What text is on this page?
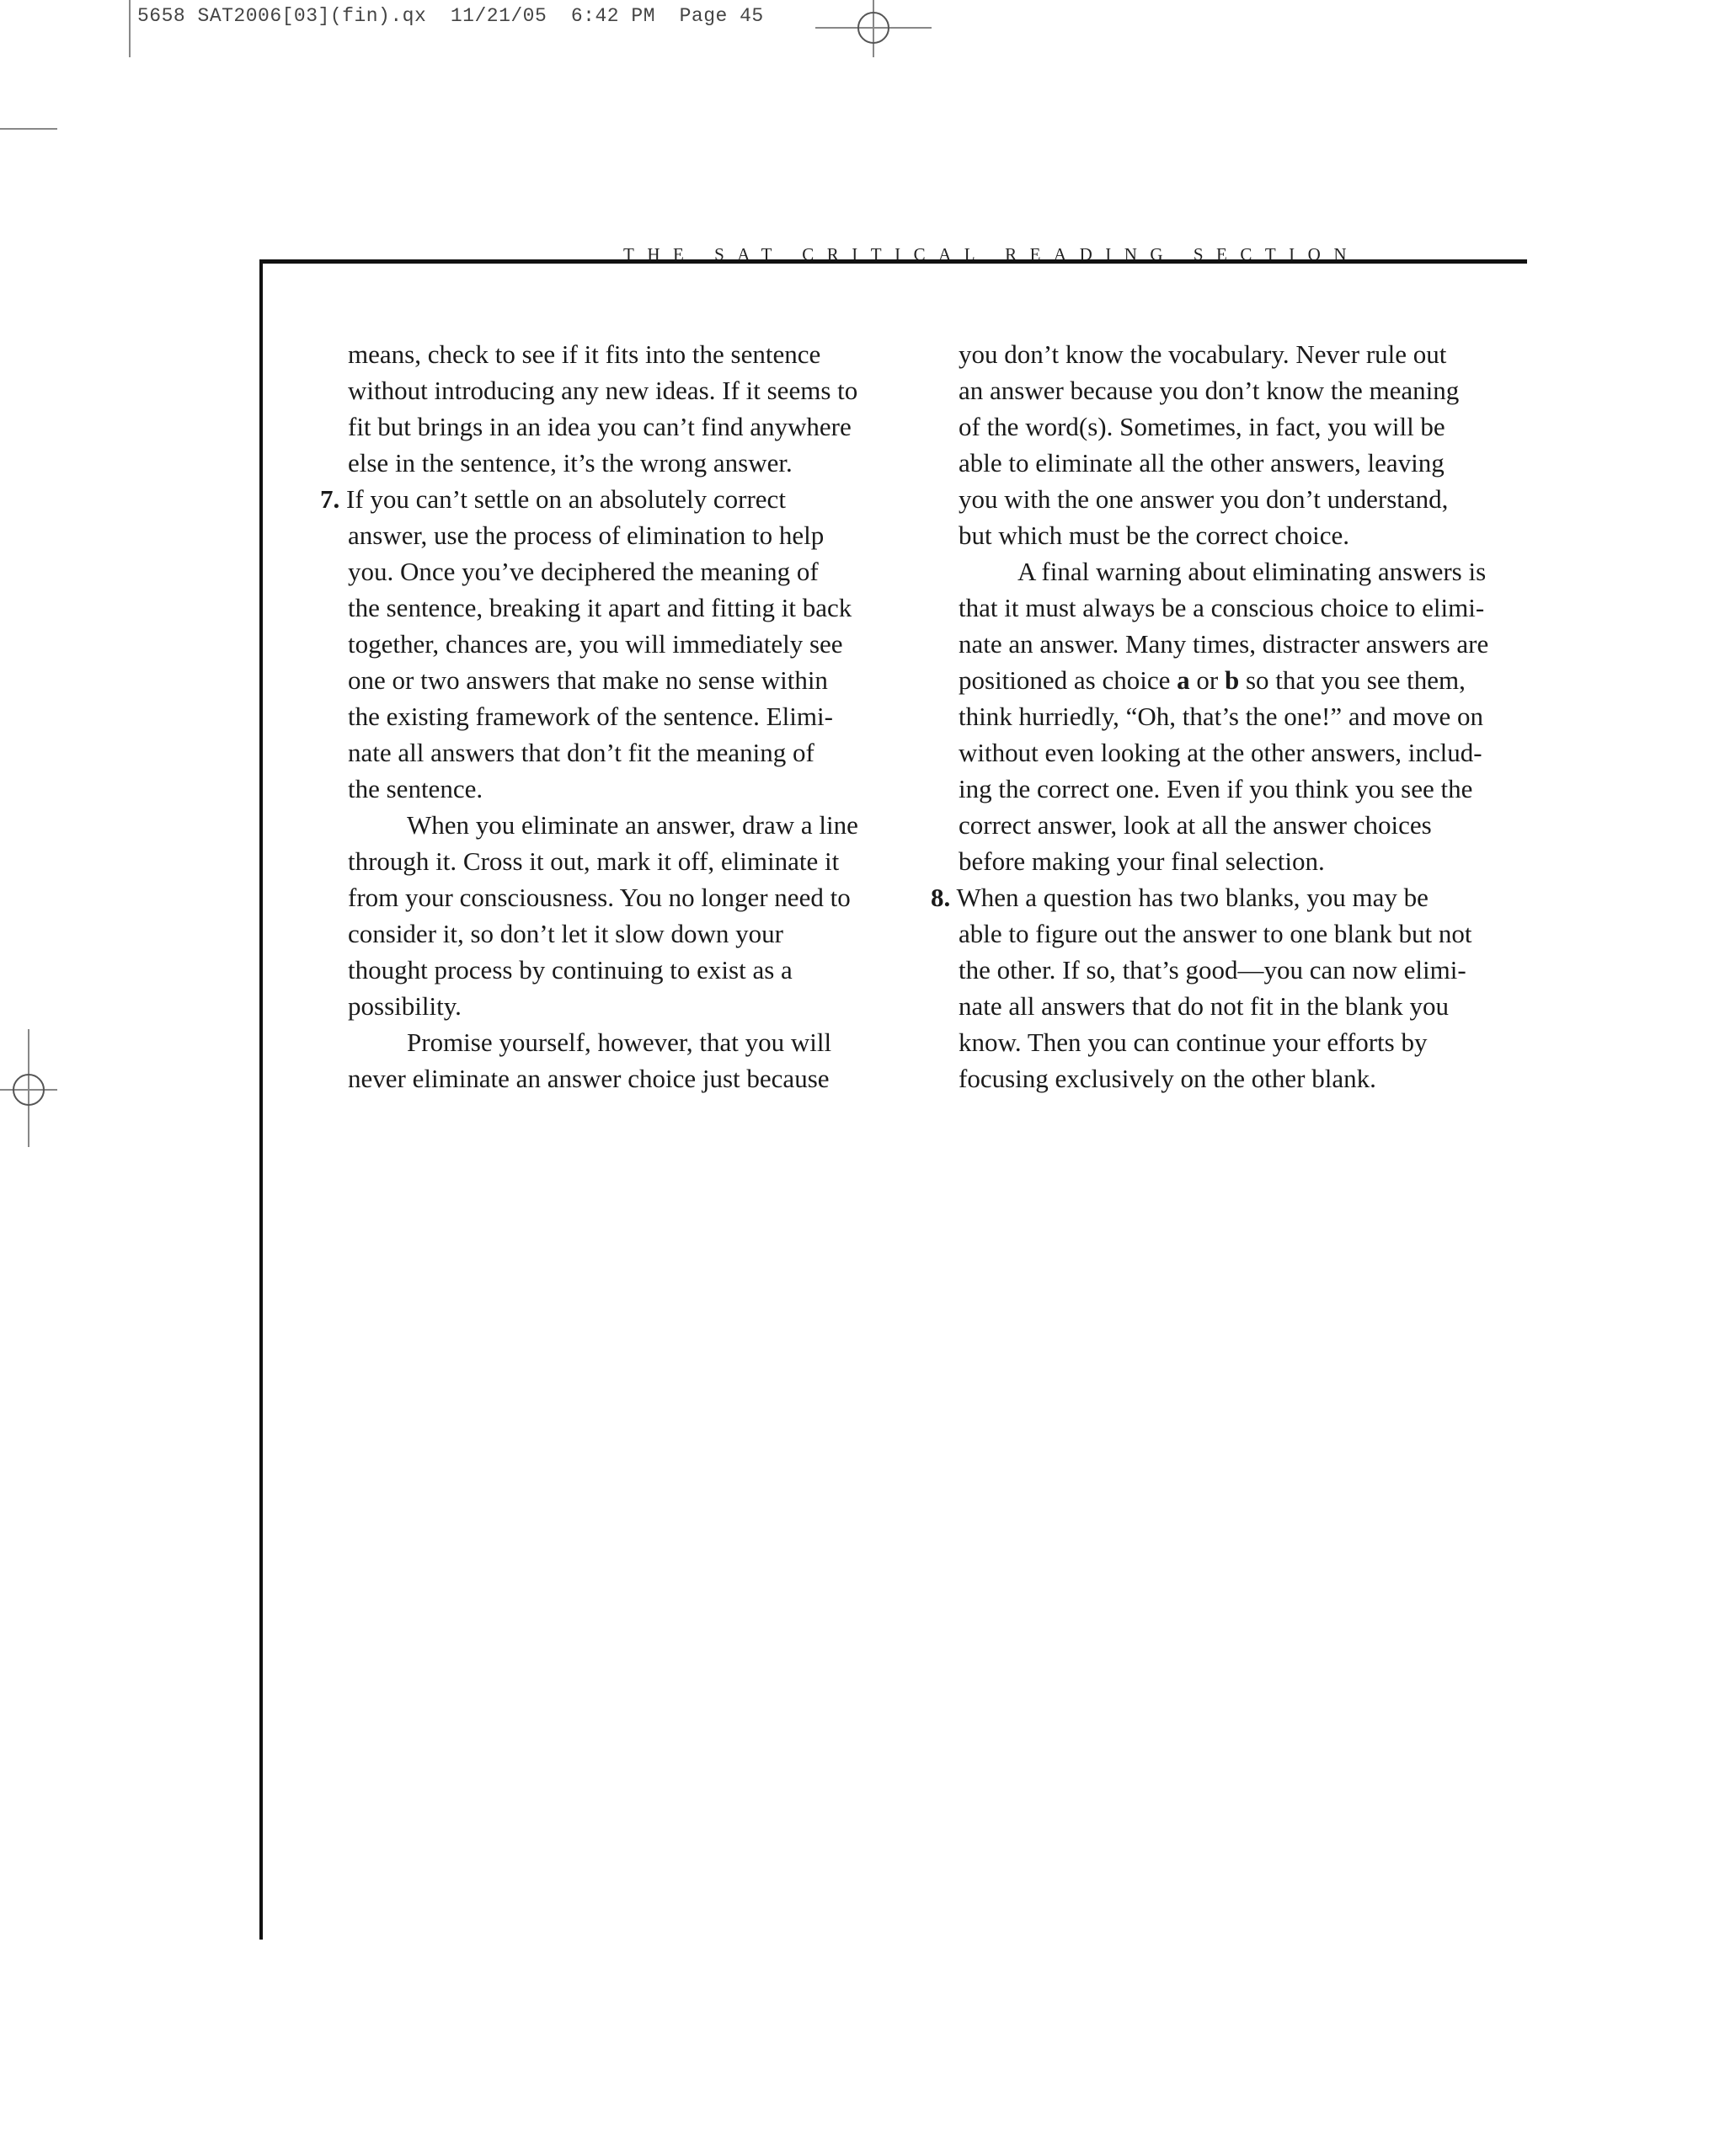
5658 SAT2006[03](fin).qx  11/21/05  6:42 PM  Page 45
THE SAT CRITICAL READING SECTION
means, check to see if it fits into the sentence
without introducing any new ideas. If it seems to
fit but brings in an idea you can’t find anywhere
else in the sentence, it’s the wrong answer.
7. If you can’t settle on an absolutely correct
answer, use the process of elimination to help
you. Once you’ve deciphered the meaning of
the sentence, breaking it apart and fitting it back
together, chances are, you will immediately see
one or two answers that make no sense within
the existing framework of the sentence. Elimi-
nate all answers that don’t fit the meaning of
the sentence.
When you eliminate an answer, draw a line
through it. Cross it out, mark it off, eliminate it
from your consciousness. You no longer need to
consider it, so don’t let it slow down your
thought process by continuing to exist as a
possibility.
Promise yourself, however, that you will
never eliminate an answer choice just because
you don’t know the vocabulary. Never rule out
an answer because you don’t know the meaning
of the word(s). Sometimes, in fact, you will be
able to eliminate all the other answers, leaving
you with the one answer you don’t understand,
but which must be the correct choice.
A final warning about eliminating answers is
that it must always be a conscious choice to elimi-
nate an answer. Many times, distracter answers are
positioned as choice a or b so that you see them,
think hurriedly, “Oh, that’s the one!” and move on
without even looking at the other answers, includ-
ing the correct one. Even if you think you see the
correct answer, look at all the answer choices
before making your final selection.
8. When a question has two blanks, you may be
able to figure out the answer to one blank but not
the other. If so, that’s good—you can now elimi-
nate all answers that do not fit in the blank you
know. Then you can continue your efforts by
focusing exclusively on the other blank.
